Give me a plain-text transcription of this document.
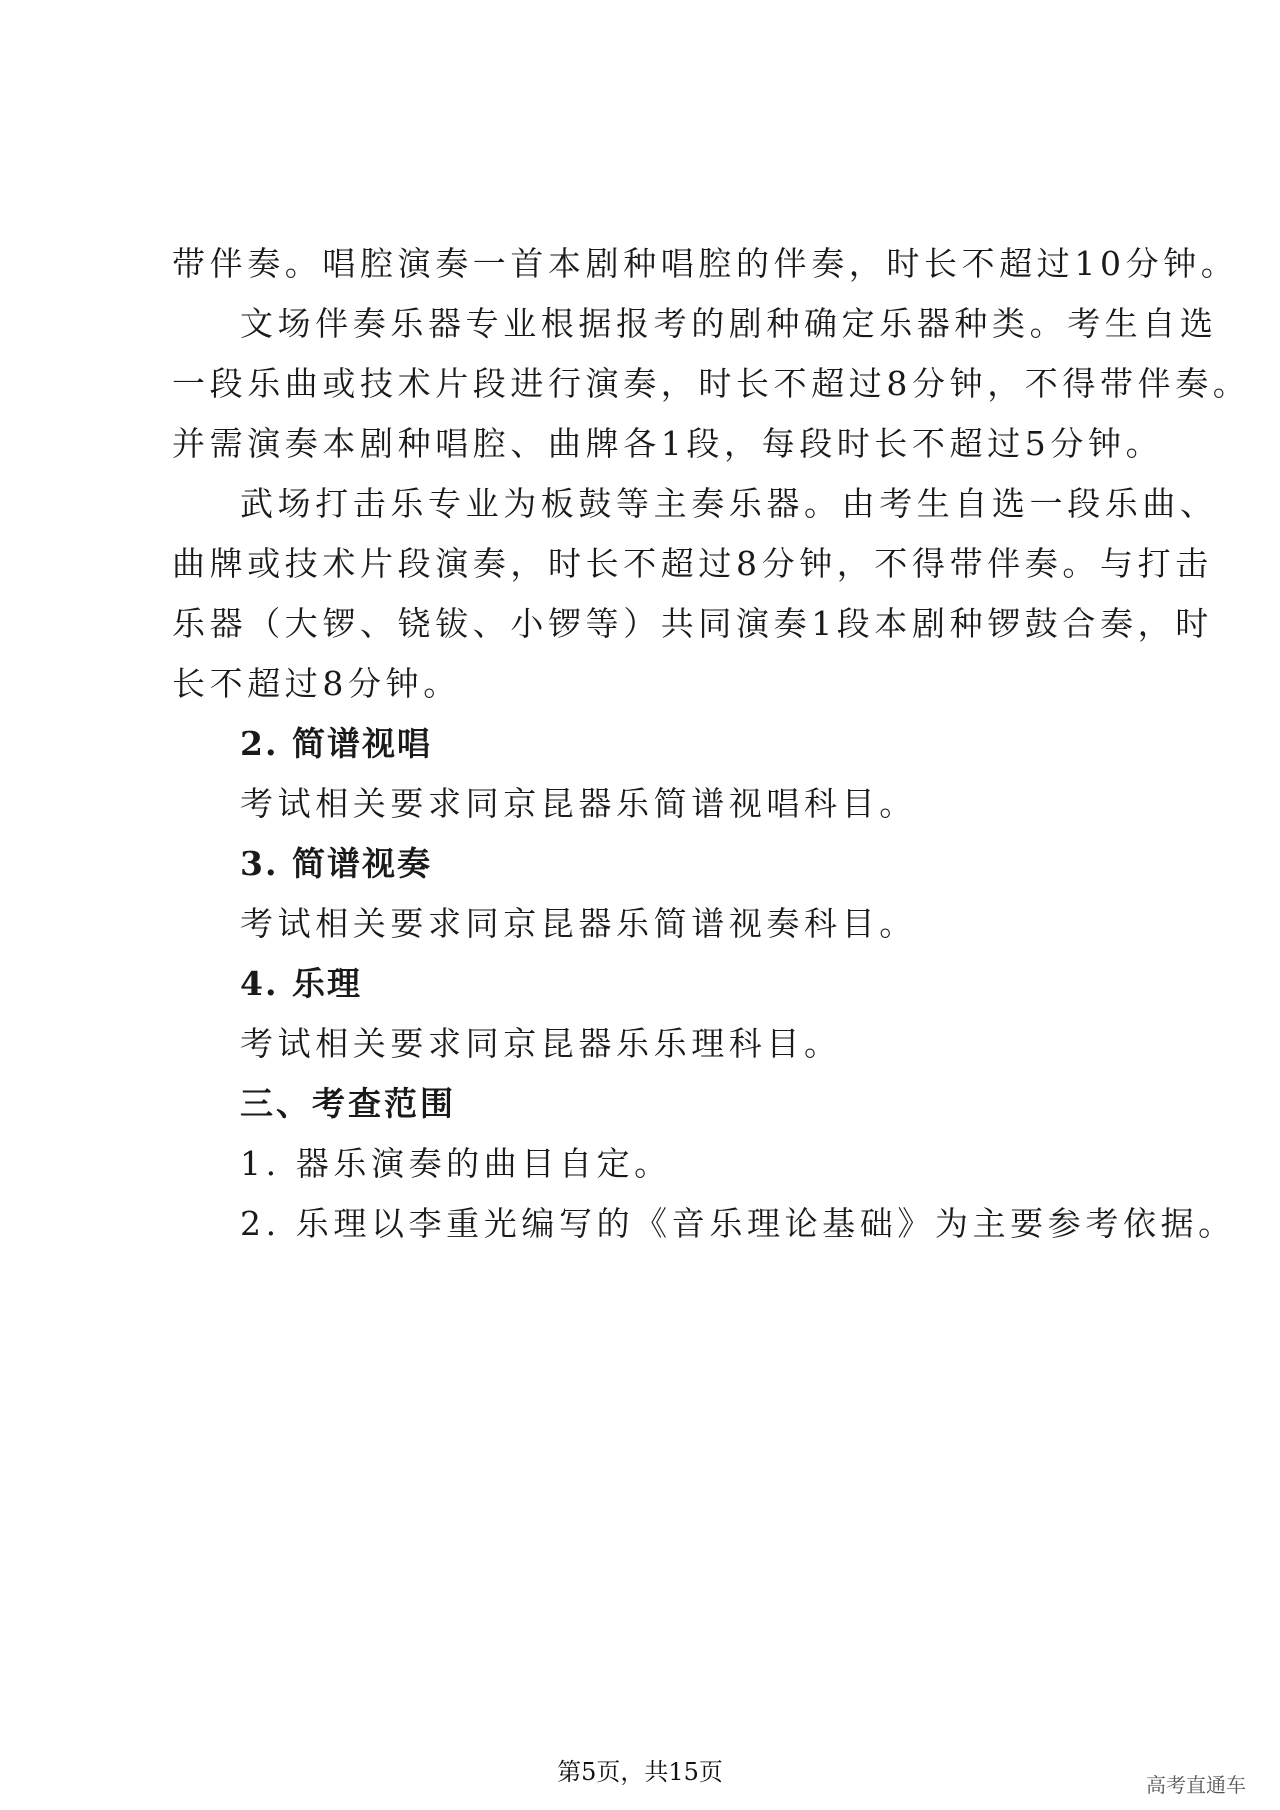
带伴奏。唱腔演奏一首本剧种唱腔的伴奏，时长不超过10分钟。
文场伴奏乐器专业根据报考的剧种确定乐器种类。考生自选
一段乐曲或技术片段进行演奏，时长不超过8分钟，不得带伴奏。
并需演奏本剧种唱腔、曲牌各1段，每段时长不超过5分钟。
武场打击乐专业为板鼓等主奏乐器。由考生自选一段乐曲、
曲牌或技术片段演奏，时长不超过8分钟，不得带伴奏。与打击
乐器（大锣、铙钹、小锣等）共同演奏1段本剧种锣鼓合奏，时
长不超过8分钟。
2. 简谱视唱
考试相关要求同京昆器乐简谱视唱科目。
3. 简谱视奏
考试相关要求同京昆器乐简谱视奏科目。
4. 乐理
考试相关要求同京昆器乐乐理科目。
三、考查范围
1. 器乐演奏的曲目自定。
2. 乐理以李重光编写的《音乐理论基础》为主要参考依据。
第5页，共15页	高考直通车
